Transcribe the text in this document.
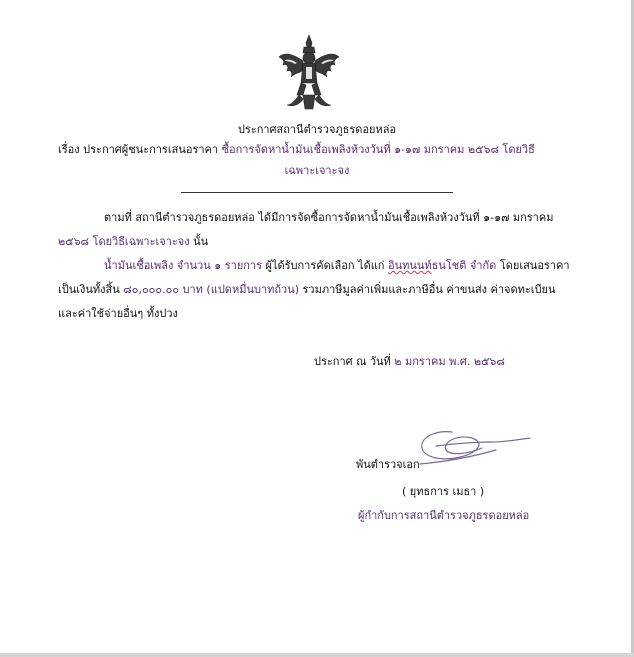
ประกาศสถานีตำรวจภูธรดอยหล่อ
เรื่อง ประกาศผู้ชนะการเสนอราคา ซื้อการจัดหาน้ำมันเชื้อเพลิงห้วงวันที่ ๑-๑๗ มกราคม ๒๕๖๘ โดยวิธี
เฉพาะเจาะจง
ตามที่ สถานีตำรวจภูธรดอยหล่อ ได้มีการจัดซื้อการจัดหาน้ำมันเชื้อเพลิงห้วงวันที่ ๑-๑๗ มกราคม
๒๕๖๘ โดยวิธีเฉพาะเจาะจง นั้น
น้ำมันเชื้อเพลิง จำนวน ๑ รายการ ผู้ได้รับการคัดเลือก ได้แก่ อินทนนท์ธนโชติ จำกัด โดยเสนอราคา
เป็นเงินทั้งสิ้น ๘๐,๐๐๐.๐๐ บาท (แปดหมื่นบาทถ้วน) รวมภาษีมูลค่าเพิ่มและภาษีอื่น ค่าขนส่ง ค่าจดทะเบียน
และค่าใช้จ่ายอื่นๆ ทั้งปวง
ประกาศ ณ วันที่ ๒ มกราคม พ.ศ. ๒๕๖๘
พันตำรวจเอก
( ยุทธการ เมธา )
ผู้กำกับการสถานีตำรวจภูธรดอยหล่อ
